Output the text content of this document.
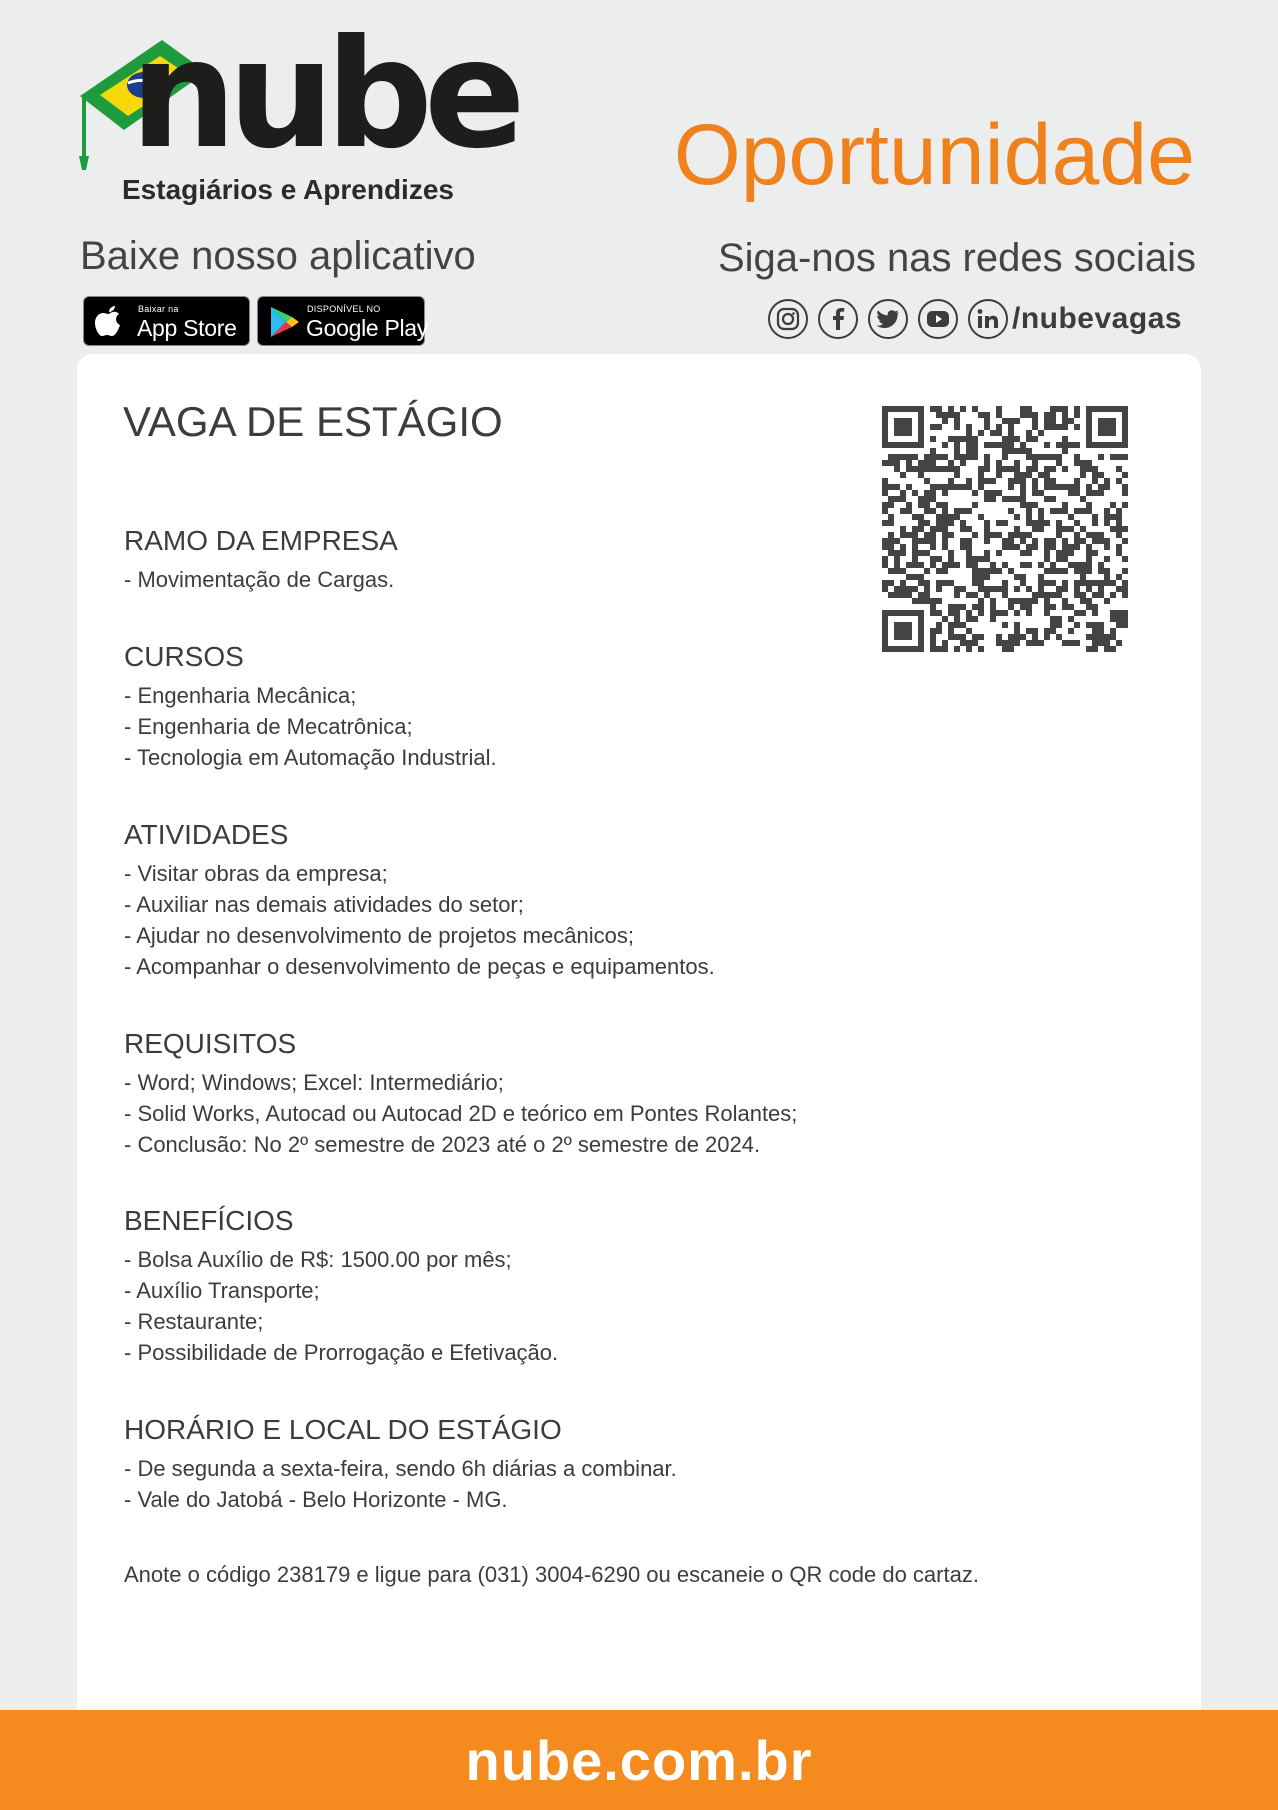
nube
Estagiários e Aprendizes	Oportunidade
Baixe nosso aplicativo	Siga-nos nas redes sociais
Baixar na
App Store
DISPONÍVEL NO
Google Play	/nubevagas
VAGA DE ESTÁGIO
RAMO DA EMPRESA
- Movimentação de Cargas.
CURSOS
- Engenharia Mecânica;
- Engenharia de Mecatrônica;
- Tecnologia em Automação Industrial.
ATIVIDADES
- Visitar obras da empresa;
- Auxiliar nas demais atividades do setor;
- Ajudar no desenvolvimento de projetos mecânicos;
- Acompanhar o desenvolvimento de peças e equipamentos.
REQUISITOS
- Word; Windows; Excel: Intermediário;
- Solid Works, Autocad ou Autocad 2D e teórico em Pontes Rolantes;
- Conclusão: No 2º semestre de 2023 até o 2º semestre de 2024.
BENEFÍCIOS
- Bolsa Auxílio de R$: 1500.00 por mês;
- Auxílio Transporte;
- Restaurante;
- Possibilidade de Prorrogação e Efetivação.
HORÁRIO E LOCAL DO ESTÁGIO
- De segunda a sexta-feira, sendo 6h diárias a combinar.
- Vale do Jatobá - Belo Horizonte - MG.
Anote o código 238179 e ligue para (031) 3004-6290 ou escaneie o QR code do cartaz.
nube.com.br
